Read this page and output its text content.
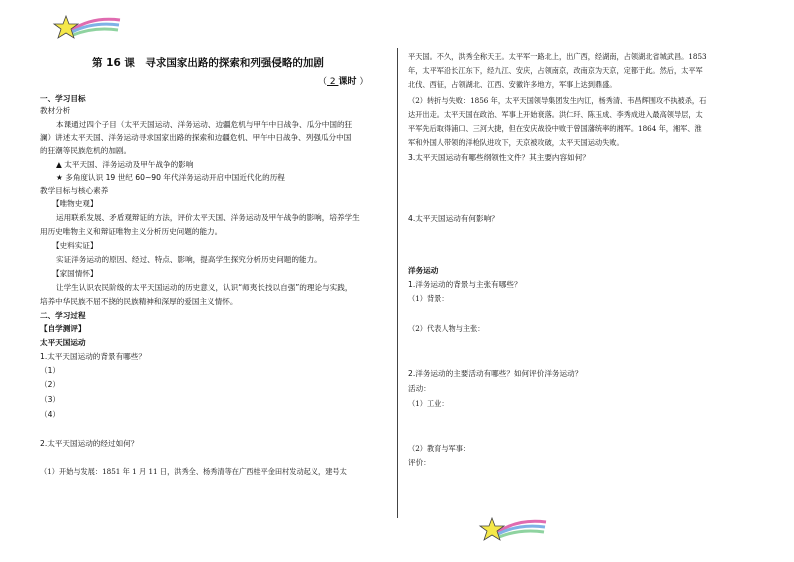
第 16 课　寻求国家出路的探索和列强侵略的加剧
（ 2 课时 ）
一、学习目标
教材分析
本课通过四个子目（太平天国运动、洋务运动、边疆危机与甲午中日战争、瓜分中国的狂
澜）讲述太平天国、洋务运动寻求国家出路的探索和边疆危机、甲午中日战争、列强瓜分中国
的狂潮等民族危机的加剧。
▲ 太平天国、洋务运动及甲午战争的影响
★ 多角度认识 19 世纪 60~90 年代洋务运动开启中国近代化的历程
教学目标与核心素养
【唯物史观】
运用联系发展、矛盾观辩证的方法，评价太平天国、洋务运动及甲午战争的影响，培养学生
用历史唯物主义和辩证唯物主义分析历史问题的能力。
【史料实证】
实证洋务运动的原因、经过、特点、影响，提高学生探究分析历史问题的能力。
【家国情怀】
让学生认识农民阶级的太平天国运动的历史意义，认识“师夷长技以自强”的理论与实践，
培养中华民族不屈不挠的民族精神和深厚的爱国主义情怀。
二、学习过程
【自学测评】
太平天国运动
1.太平天国运动的背景有哪些？
（1）
（2）
（3）
（4）
2.太平天国运动的经过如何？
（1）开始与发展：1851 年 1 月 11 日，洪秀全、杨秀清等在广西桂平金田村发动起义，建号太
平天国。不久，洪秀全称天王。太平军一路北上，出广西，经湖南，占领湖北省城武昌。1853
年，太平军沿长江东下，经九江、安庆，占领南京，改南京为天京，定都于此。然后，太平军
北伐、西征，占领湖北、江西、安徽许多地方，军事上达到鼎盛。
（2）转折与失败：1856 年，太平天国领导集团发生内讧，杨秀清、韦昌辉围攻不执被杀，石
达开出走。太平天国在政治、军事上开始衰落。洪仁玕、陈玉成、李秀成进入最高领导层，太
平军先后取得浦口、三河大捷，但在安庆战役中败于曾国藩统率的湘军。1864 年，湘军、淮
军和外国人带领的洋枪队进攻下，天京被攻破，太平天国运动失败。
3.太平天国运动有哪些纲领性文件？其主要内容如何？
4.太平天国运动有何影响？
洋务运动
1.洋务运动的背景与主张有哪些？
（1）背景：
（2）代表人物与主张：
2.洋务运动的主要活动有哪些？如何评价洋务运动？
活动：
（1）工业：
（2）教育与军事：
评价：
